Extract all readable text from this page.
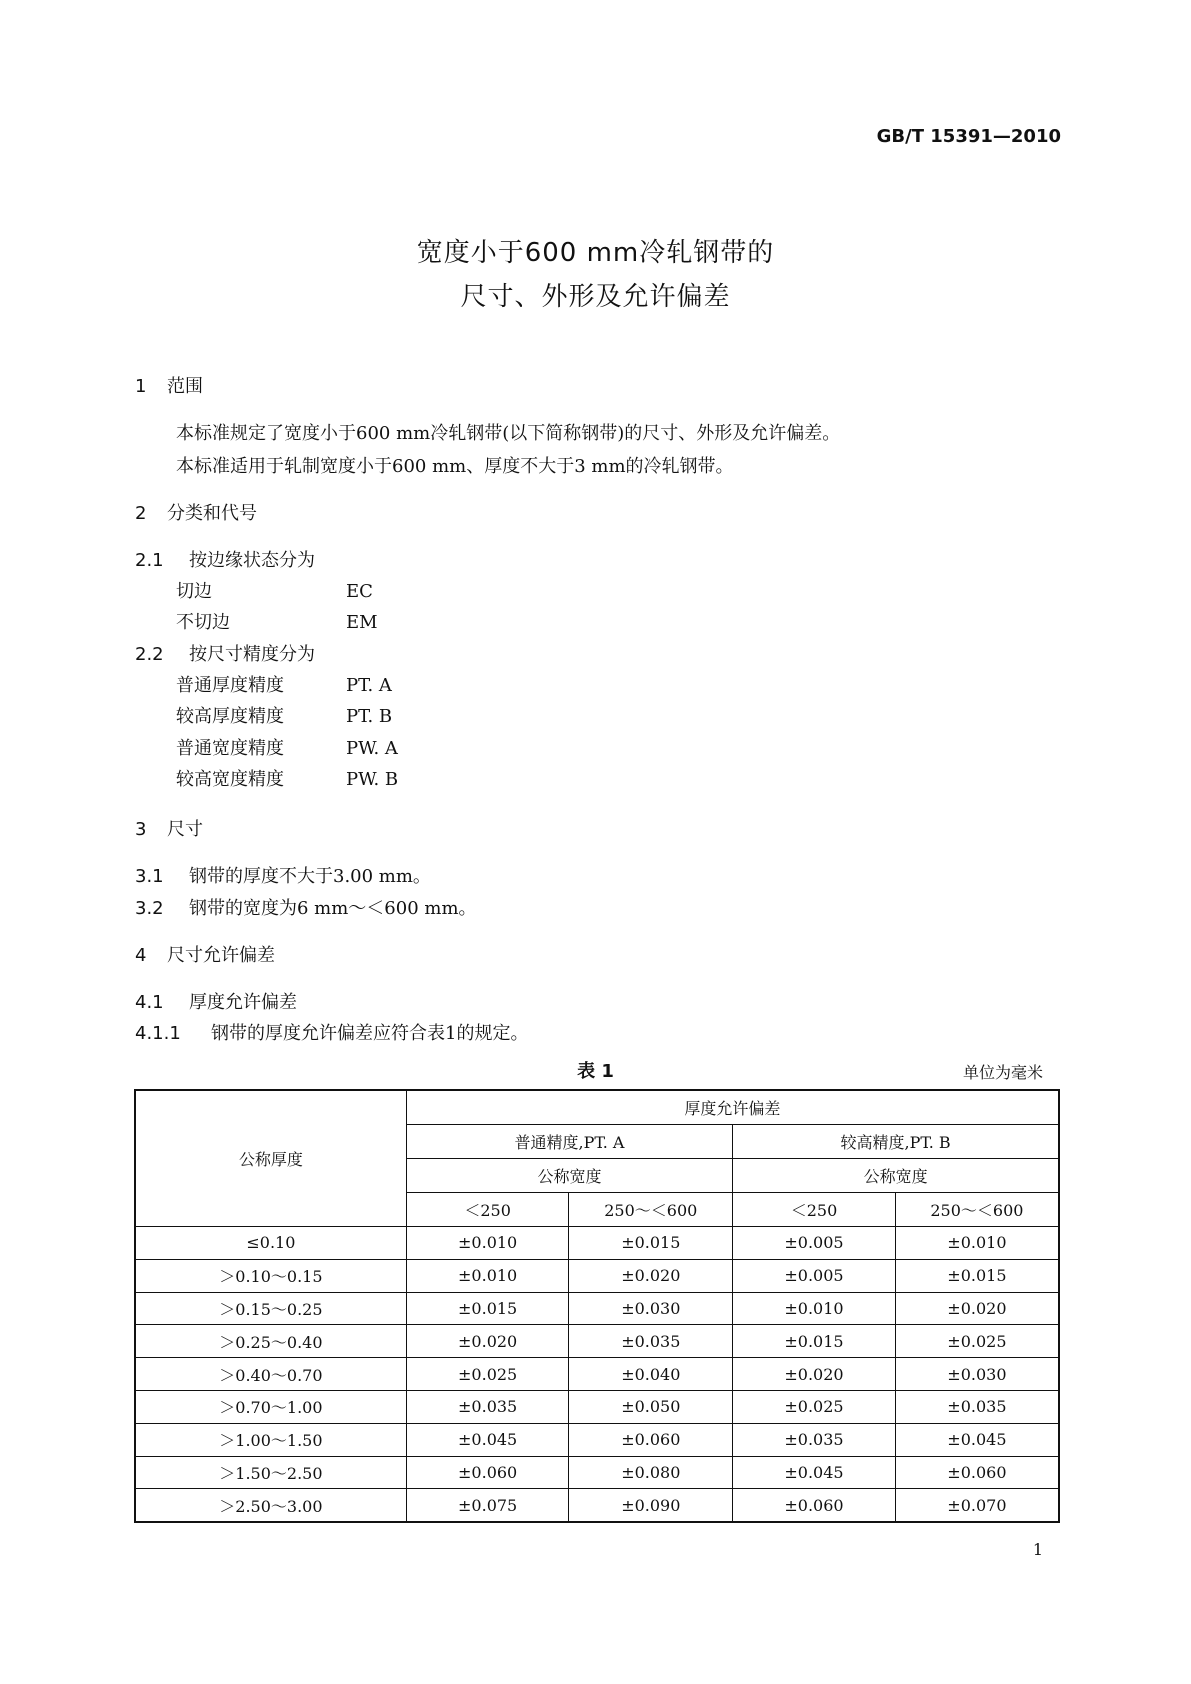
GB/T 15391—2010
宽度小于600 mm冷轧钢带的
尺寸、外形及允许偏差
1 范围
本标准规定了宽度小于600 mm冷轧钢带(以下简称钢带)的尺寸、外形及允许偏差。
本标准适用于轧制宽度小于600 mm、厚度不大于3 mm的冷轧钢带。
2 分类和代号
2.1 按边缘状态分为
切边	EC
不切边	EM
2.2 按尺寸精度分为
普通厚度精度	PT. A
较高厚度精度	PT. B
普通宽度精度	PW. A
较高宽度精度	PW. B
3 尺寸
3.1 钢带的厚度不大于3.00 mm。
3.2 钢带的宽度为6 mm～＜600 mm。
4 尺寸允许偏差
4.1 厚度允许偏差
4.1.1 钢带的厚度允许偏差应符合表1的规定。
表 1	单位为毫米
公称厚度	厚度允许偏差			
	普通精度,PT. A		较高精度,PT. B	
	公称宽度		公称宽度	
	＜250	250～＜600	＜250	250～＜600
≤0.10	±0.010	±0.015	±0.005	±0.010
＞0.10～0.15	±0.010	±0.020	±0.005	±0.015
＞0.15～0.25	±0.015	±0.030	±0.010	±0.020
＞0.25～0.40	±0.020	±0.035	±0.015	±0.025
＞0.40～0.70	±0.025	±0.040	±0.020	±0.030
＞0.70～1.00	±0.035	±0.050	±0.025	±0.035
＞1.00～1.50	±0.045	±0.060	±0.035	±0.045
＞1.50～2.50	±0.060	±0.080	±0.045	±0.060
＞2.50～3.00	±0.075	±0.090	±0.060	±0.070
1
